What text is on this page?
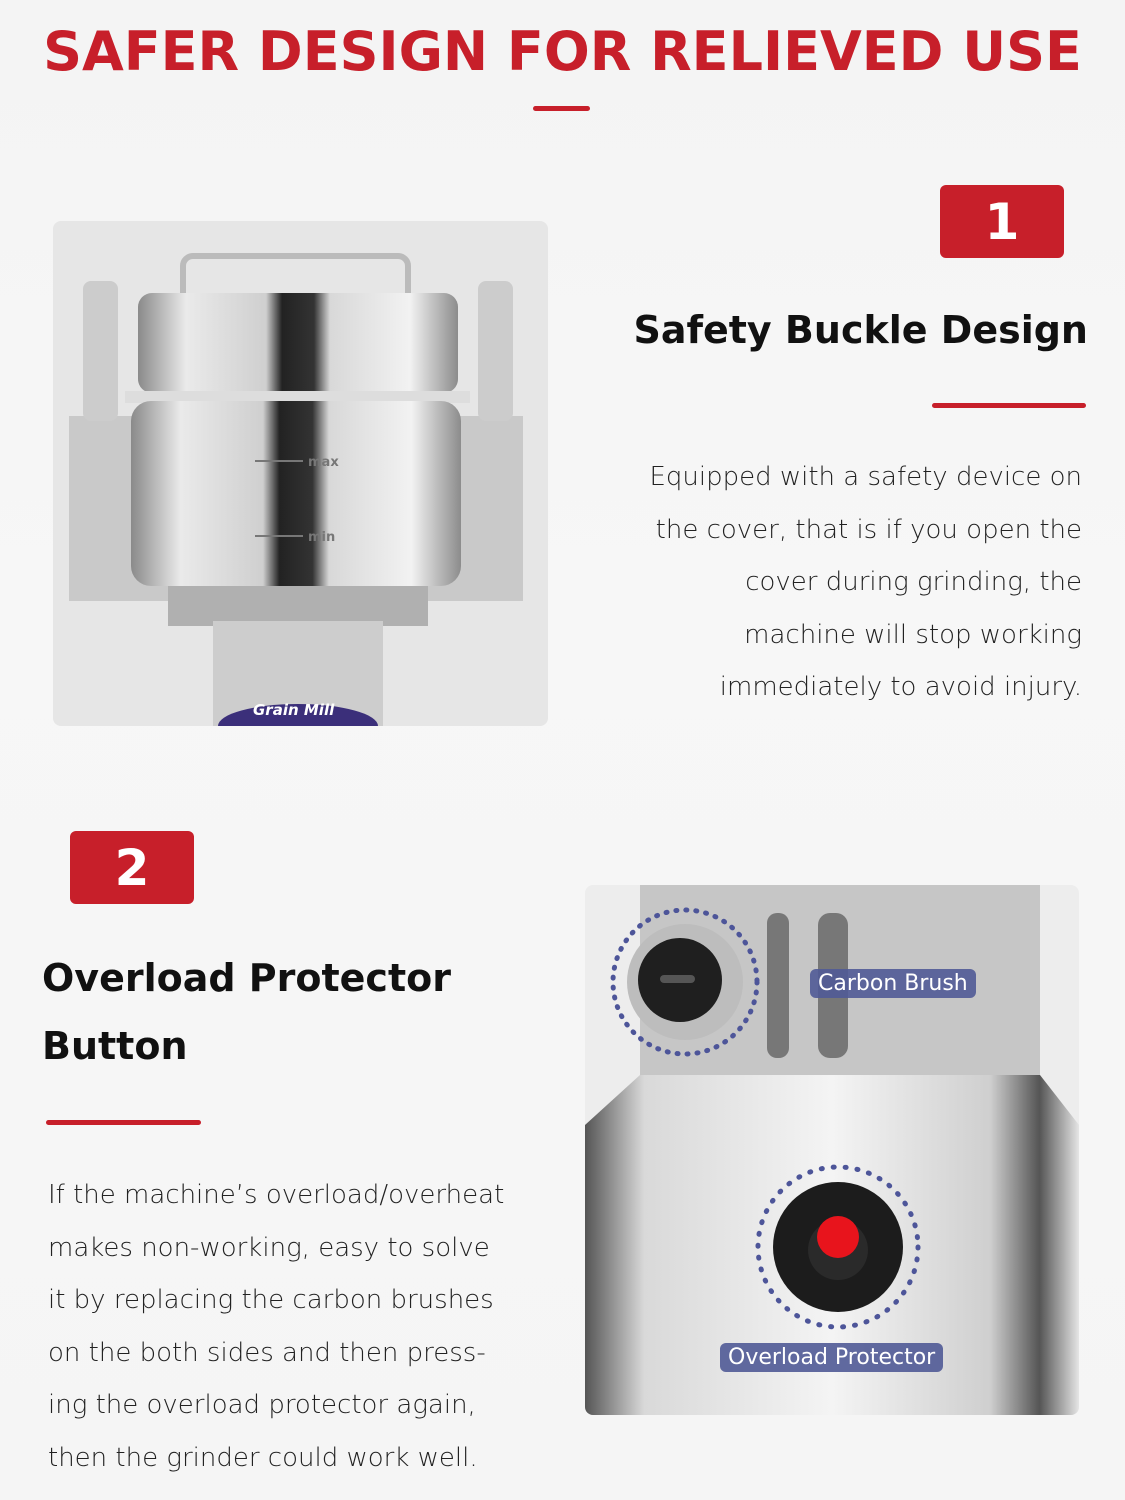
SAFER DESIGN FOR RELIEVED USE
max
min
Grain Mill
1
Safety Buckle Design
Equipped with a safety device on
the cover, that is if you open the
cover during grinding, the
machine will stop working
immediately to avoid injury.
2
Overload Protector
Button
If the machine’s overload/overheat
makes non-working, easy to solve
it by replacing the carbon brushes
on the both sides and then press-
ing the overload protector again,
then the grinder could work well.
Carbon Brush
Overload Protector
